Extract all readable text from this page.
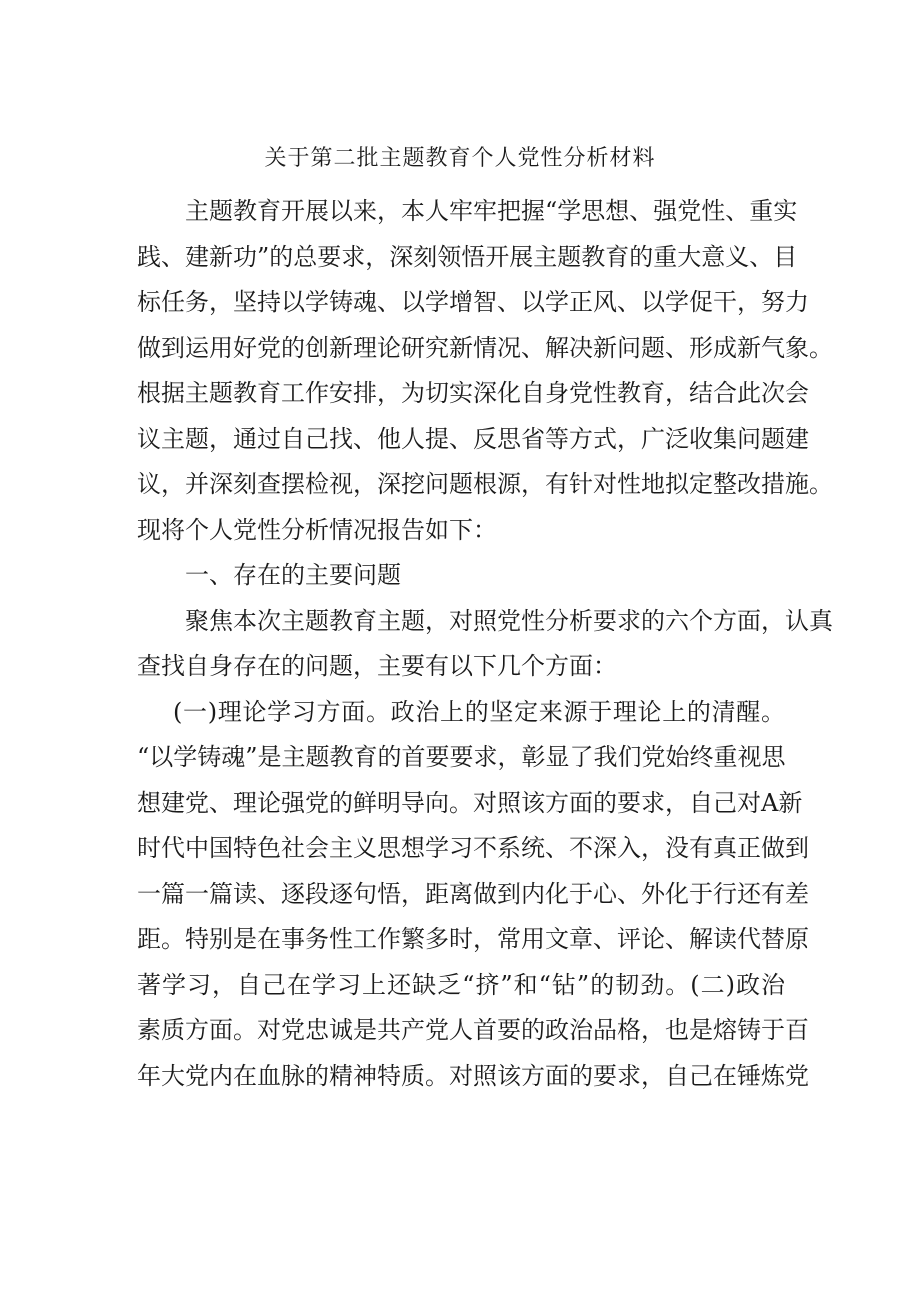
关于第二批主题教育个人党性分析材料
主题教育开展以来，本人牢牢把握“学思想、强党性、重实
践、建新功”的总要求，深刻领悟开展主题教育的重大意义、目
标任务，坚持以学铸魂、以学增智、以学正风、以学促干，努力
做到运用好党的创新理论研究新情况、解决新问题、形成新气象。
根据主题教育工作安排，为切实深化自身党性教育，结合此次会
议主题，通过自己找、他人提、反思省等方式，广泛收集问题建
议，并深刻查摆检视，深挖问题根源，有针对性地拟定整改措施。
现将个人党性分析情况报告如下：
一、存在的主要问题
聚焦本次主题教育主题，对照党性分析要求的六个方面，认真
查找自身存在的问题，主要有以下几个方面：
(一)理论学习方面。政治上的坚定来源于理论上的清醒。
“以学铸魂”是主题教育的首要要求，彰显了我们党始终重视思
想建党、理论强党的鲜明导向。对照该方面的要求，自己对A新
时代中国特色社会主义思想学习不系统、不深入，没有真正做到
一篇一篇读、逐段逐句悟，距离做到内化于心、外化于行还有差
距。特别是在事务性工作繁多时，常用文章、评论、解读代替原
著学习，自己在学习上还缺乏“挤”和“钻”的韧劲。(二)政治
素质方面。对党忠诚是共产党人首要的政治品格，也是熔铸于百
年大党内在血脉的精神特质。对照该方面的要求，自己在锤炼党
